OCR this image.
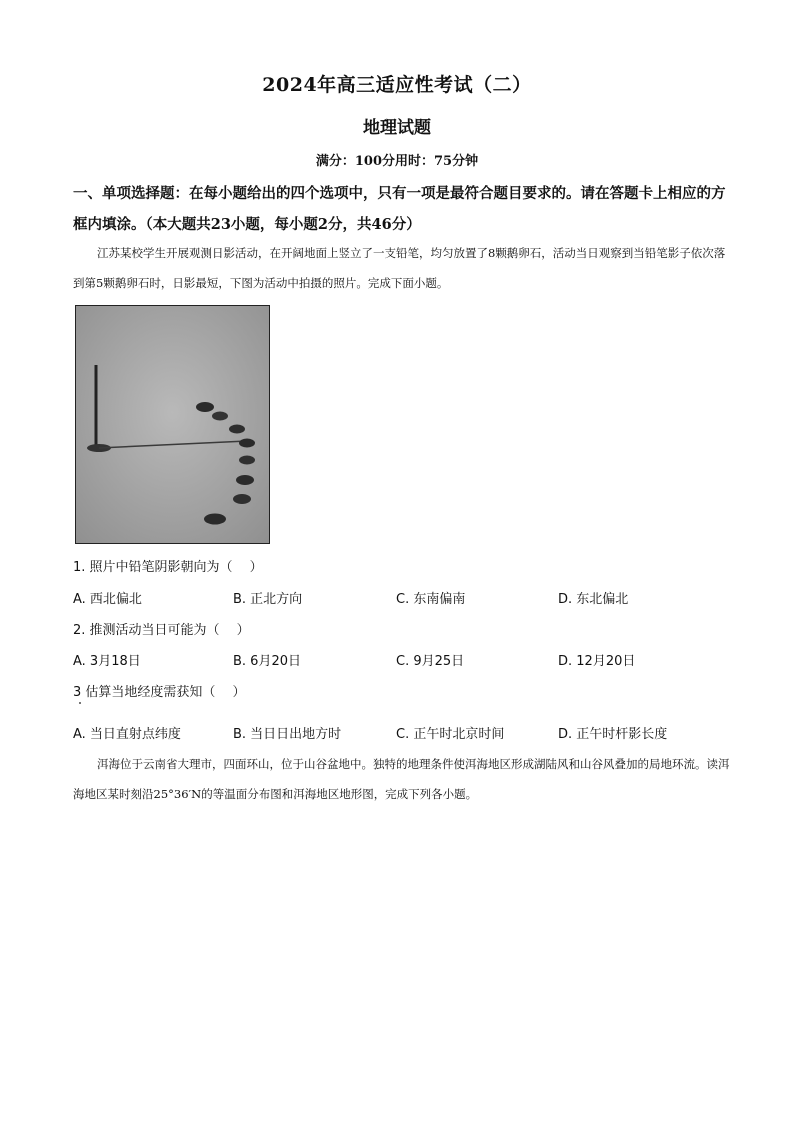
2024年高三适应性考试（二）
地理试题
满分：100分用时：75分钟
一、单项选择题：在每小题给出的四个选项中，只有一项是最符合题目要求的。请在答题卡上相应的方框内填涂。（本大题共23小题，每小题2分，共46分）
江苏某校学生开展观测日影活动，在开阔地面上竖立了一支铅笔，均匀放置了8颗鹅卵石，活动当日观察到当铅笔影子依次落到第5颗鹅卵石时，日影最短，下图为活动中拍摄的照片。完成下面小题。
1. 照片中铅笔阴影朝向为（　 ）
A. 西北偏北	B. 正北方向	C. 东南偏南	D. 东北偏北
2. 推测活动当日可能为（　 ）
A. 3月18日	B. 6月20日	C. 9月25日	D. 12月20日
3 估算当地经度需获知（　 ）
A. 当日直射点纬度	B. 当日日出地方时	C. 正午时北京时间	D. 正午时杆影长度
洱海位于云南省大理市，四面环山，位于山谷盆地中。独特的地理条件使洱海地区形成湖陆风和山谷风叠加的局地环流。读洱海地区某时刻沿25°36′N的等温面分布图和洱海地区地形图，完成下列各小题。
